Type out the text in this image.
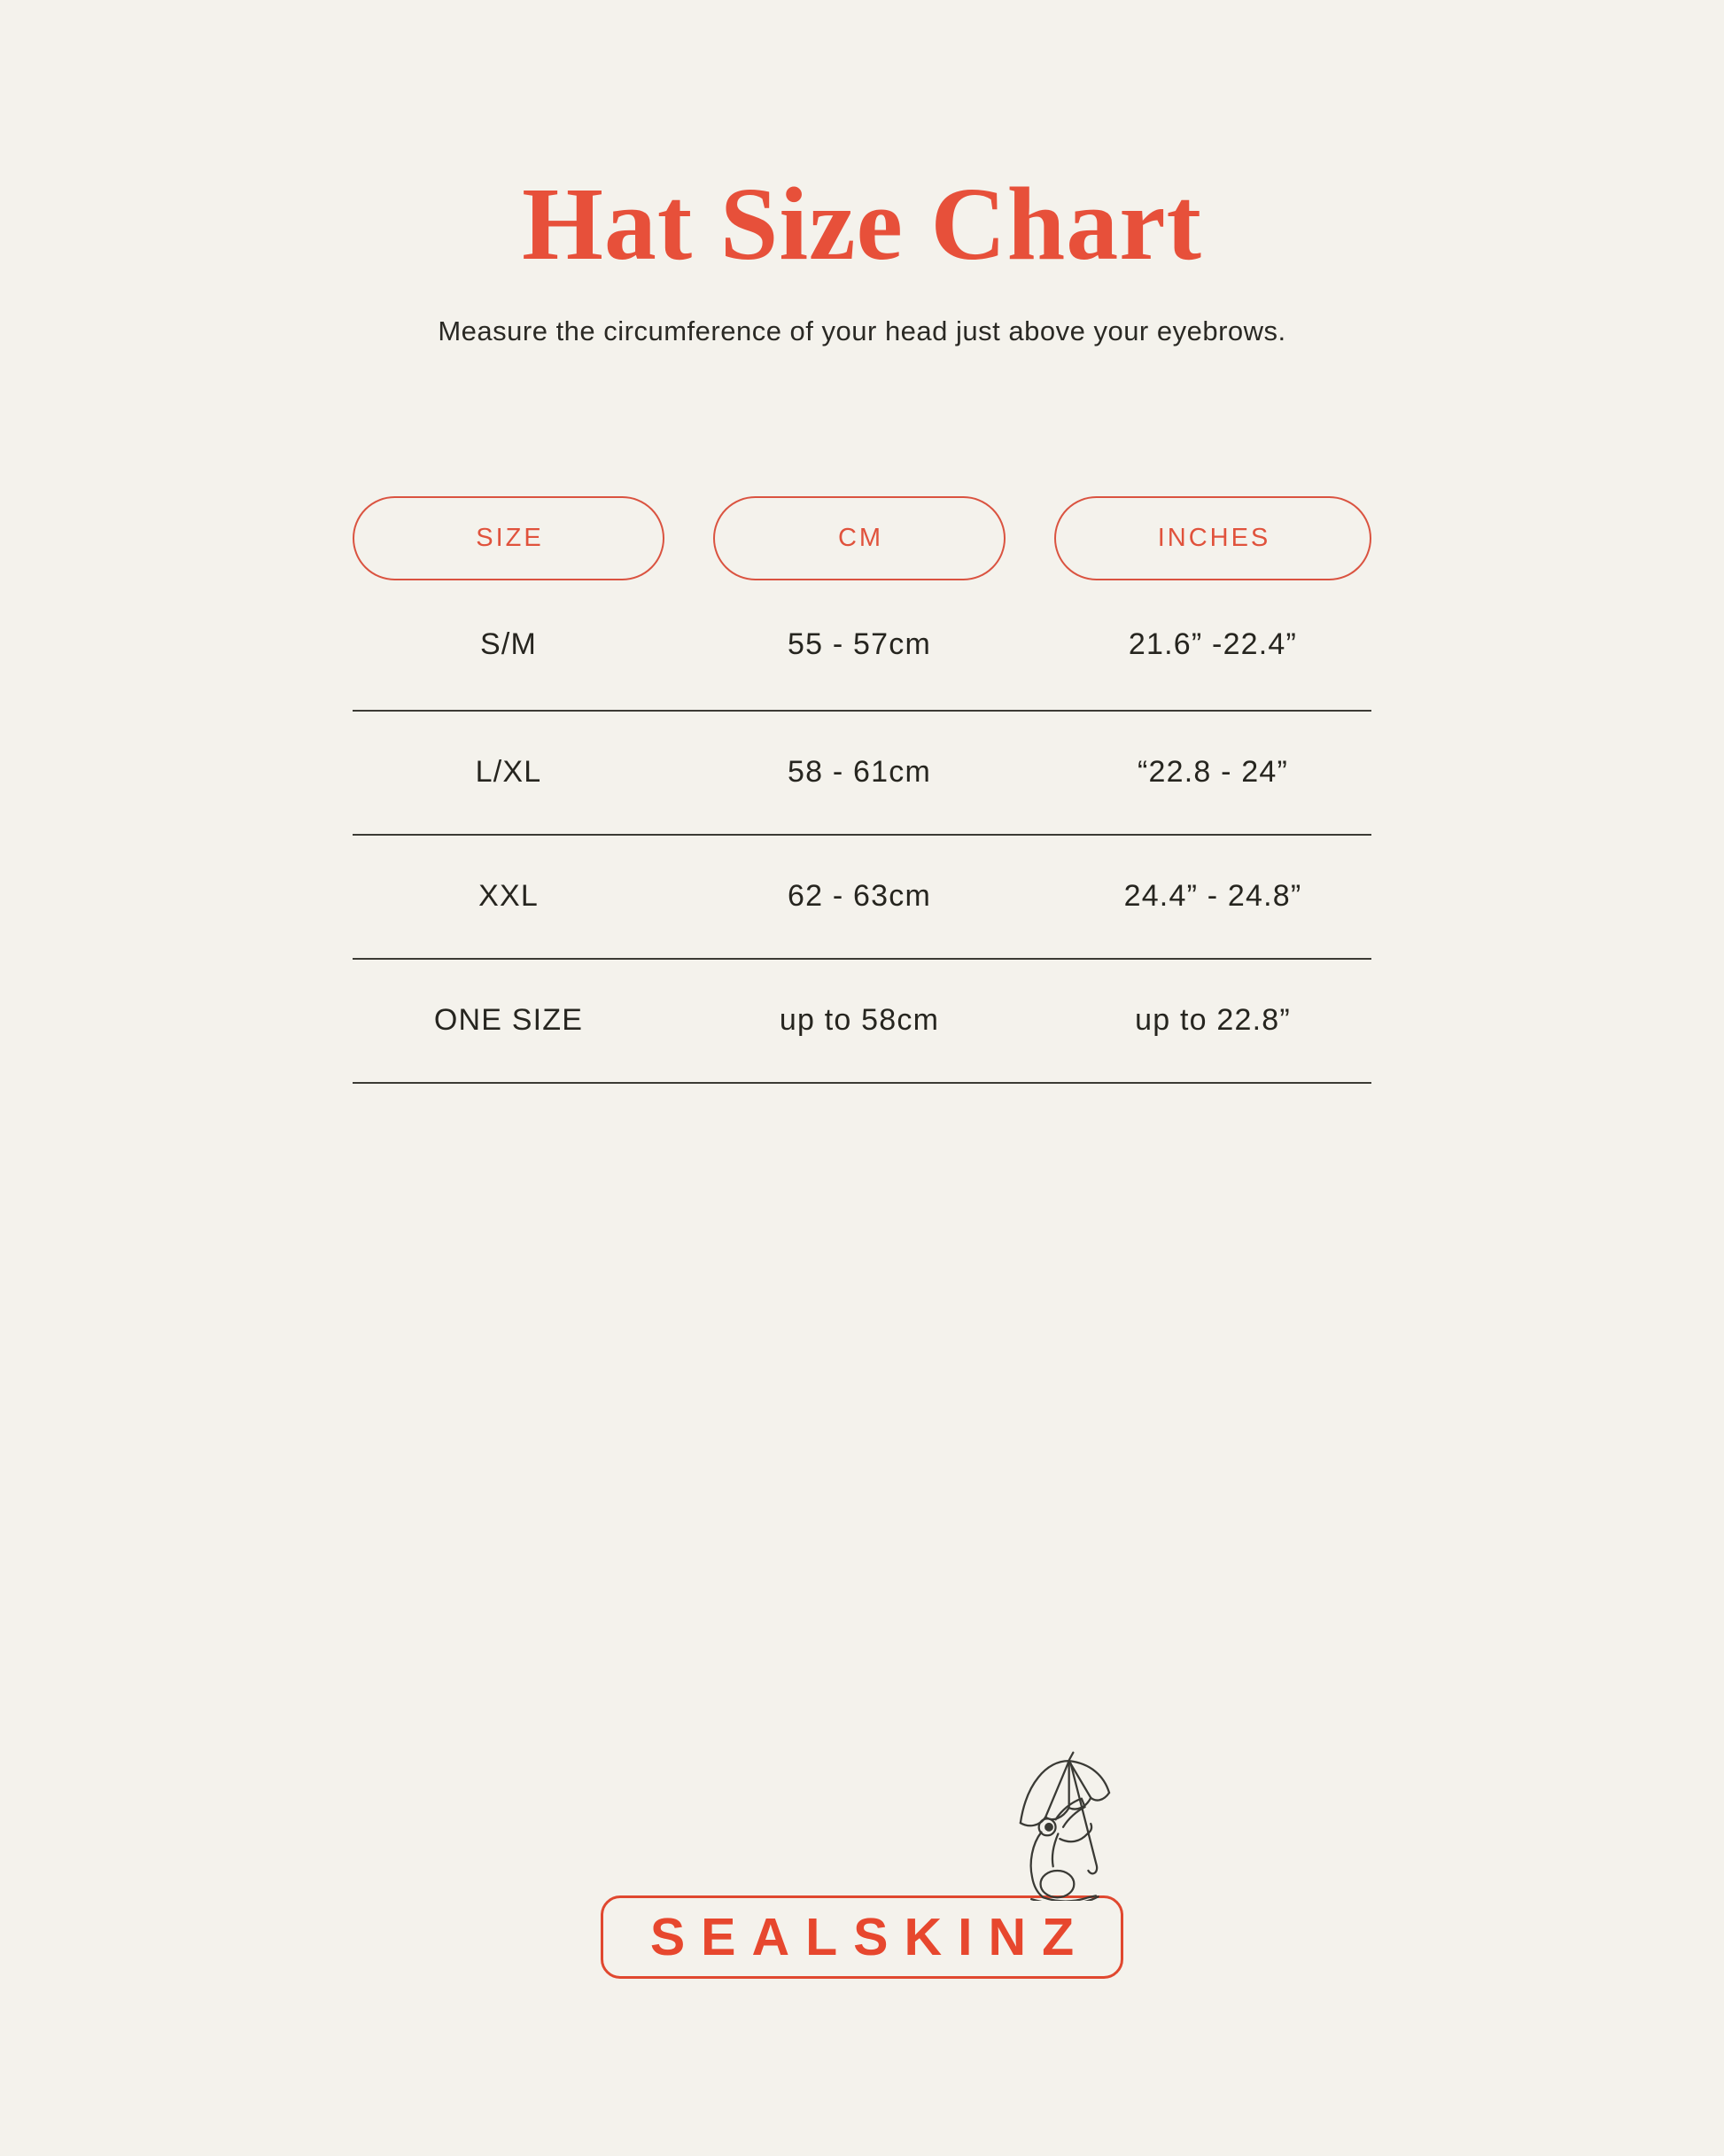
Hat Size Chart

Measure the circumference of your head just above your eyebrows.

SIZE	CM	INCHES
S/M	55 - 57cm	21.6” -22.4”
L/XL	58 - 61cm	“22.8 - 24”
XXL	62 - 63cm	24.4” - 24.8”
ONE SIZE	up to 58cm	up to 22.8”
SEALSKINZ
